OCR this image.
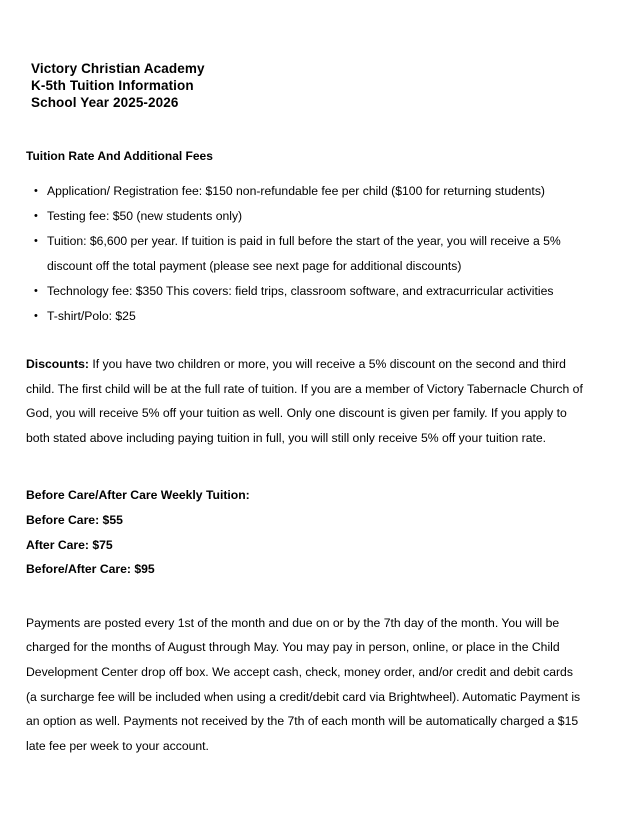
Victory Christian Academy
K-5th Tuition Information
School Year 2025-2026
Tuition Rate And Additional Fees
• Application/ Registration fee: $150 non-refundable fee per child ($100 for returning students)
• Testing fee: $50 (new students only)
• Tuition: $6,600 per year. If tuition is paid in full before the start of the year, you will receive a 5% discount off the total payment (please see next page for additional discounts)
• Technology fee: $350 This covers: field trips, classroom software, and extracurricular activities
• T-shirt/Polo: $25

Discounts: If you have two children or more, you will receive a 5% discount on the second and third child. The first child will be at the full rate of tuition. If you are a member of Victory Tabernacle Church of God, you will receive 5% off your tuition as well. Only one discount is given per family. If you apply to both stated above including paying tuition in full, you will still only receive 5% off your tuition rate.

Before Care/After Care Weekly Tuition:
Before Care: $55
After Care: $75
Before/After Care: $95

Payments are posted every 1st of the month and due on or by the 7th day of the month. You will be charged for the months of August through May. You may pay in person, online, or place in the Child Development Center drop off box. We accept cash, check, money order, and/or credit and debit cards (a surcharge fee will be included when using a credit/debit card via Brightwheel). Automatic Payment is an option as well. Payments not received by the 7th of each month will be automatically charged a $15 late fee per week to your account.
